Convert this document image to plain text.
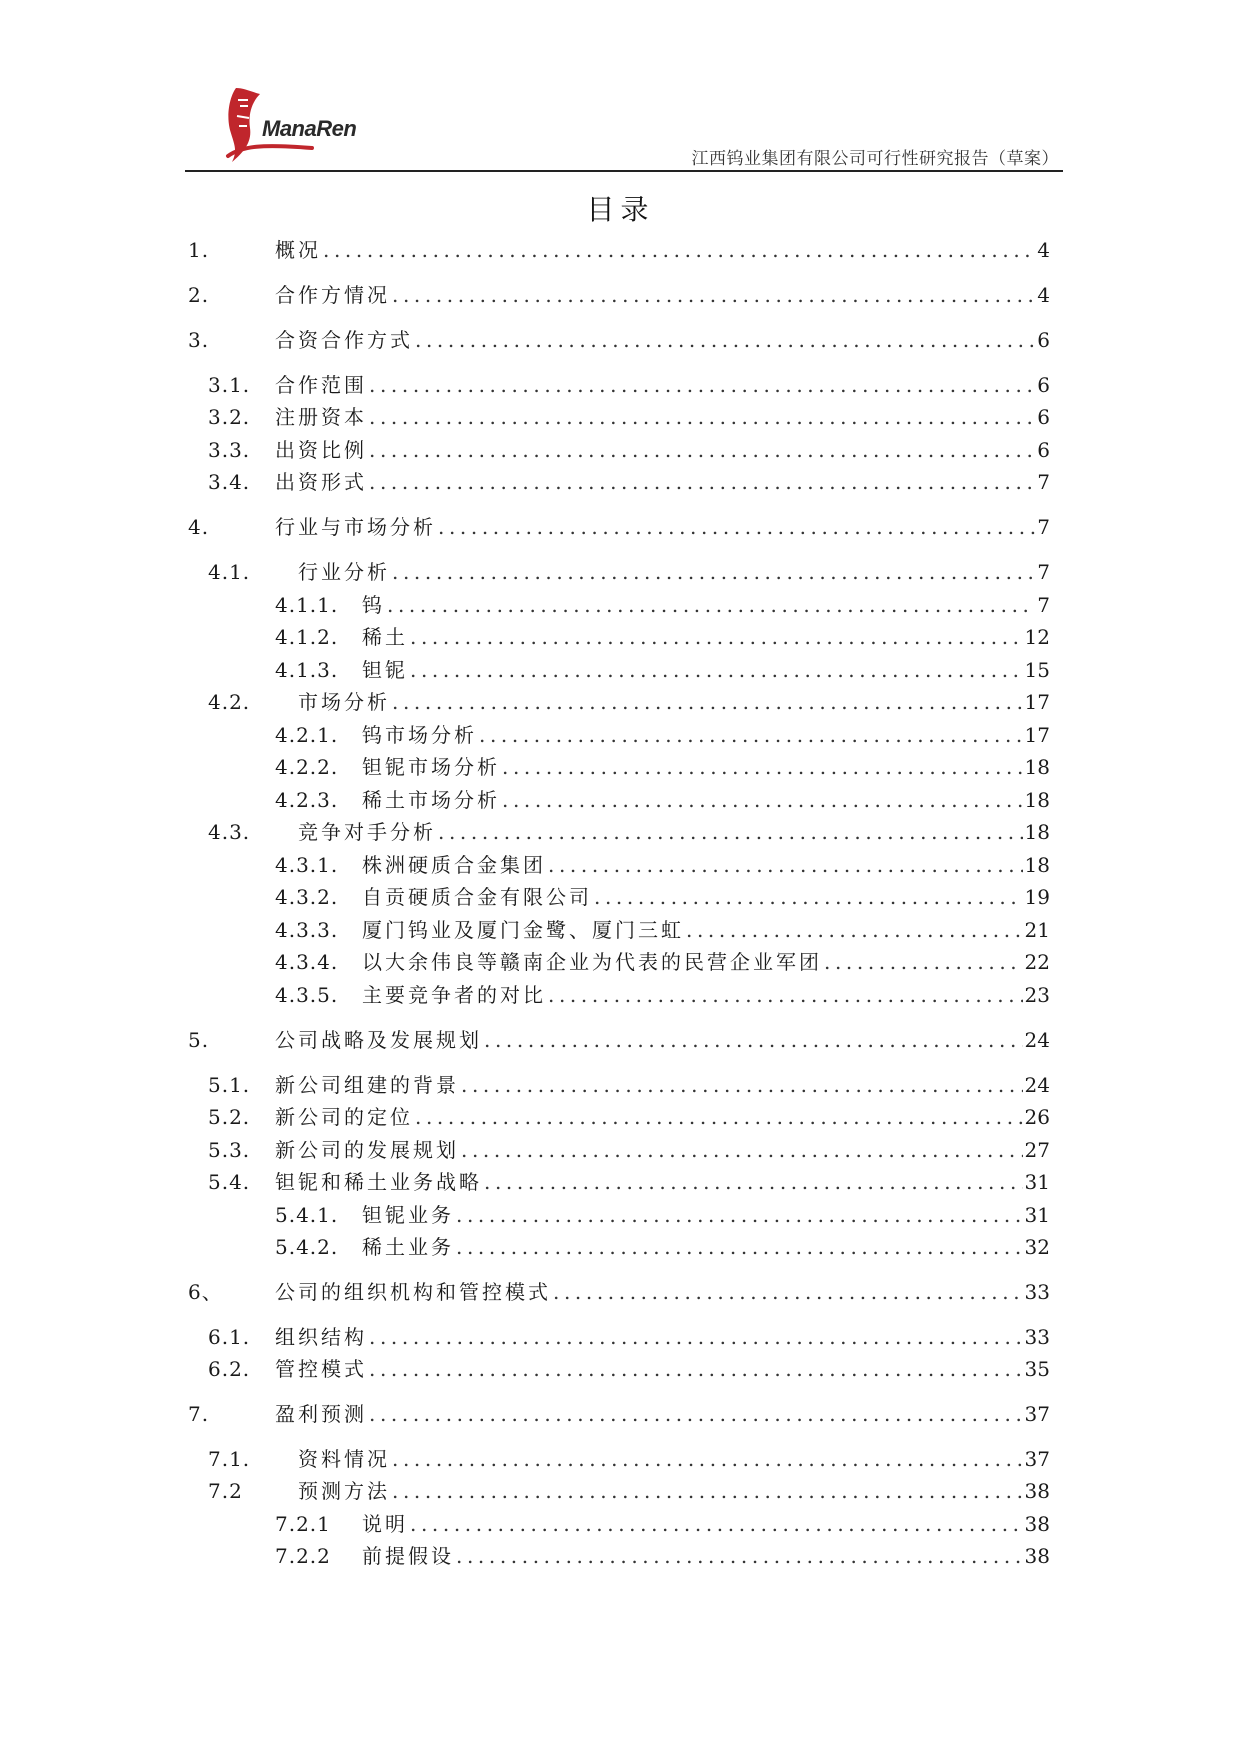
ManaRen
江西钨业集团有限公司可行性研究报告（草案）
目录
1.	概况 .....	4
2.	合作方情况 .....	4
3.	合资合作方式 .....	6
3.1. 合作范围 .....	6
3.2. 注册资本 .....	6
3.3. 出资比例 .....	6
3.4. 出资形式 .....	7
4.	行业与市场分析 .....	7
4.1. 行业分析 .....	7
4.1.1. 钨 .....	7
4.1.2. 稀土 .....	12
4.1.3. 钽铌 .....	15
4.2. 市场分析 .....	17
4.2.1. 钨市场分析 .....	17
4.2.2. 钽铌市场分析 .....	18
4.2.3. 稀土市场分析 .....	18
4.3. 竞争对手分析 .....	18
4.3.1. 株洲硬质合金集团 .....	18
4.3.2. 自贡硬质合金有限公司 .....	19
4.3.3. 厦门钨业及厦门金鹭、厦门三虹 .....	21
4.3.4. 以大余伟良等赣南企业为代表的民营企业军团 .....	22
4.3.5. 主要竞争者的对比 .....	23
5.	公司战略及发展规划 .....	24
5.1. 新公司组建的背景 .....	24
5.2. 新公司的定位 .....	26
5.3. 新公司的发展规划 .....	27
5.4. 钽铌和稀土业务战略 .....	31
5.4.1. 钽铌业务 .....	31
5.4.2. 稀土业务 .....	32
6、	公司的组织机构和管控模式 .....	33
6.1. 组织结构 .....	33
6.2. 管控模式 .....	35
7.	盈利预测 .....	37
7.1. 资料情况 .....	37
7.2	预测方法 .....	38
7.2.1 说明 .....	38
7.2.2 前提假设 .....	38
